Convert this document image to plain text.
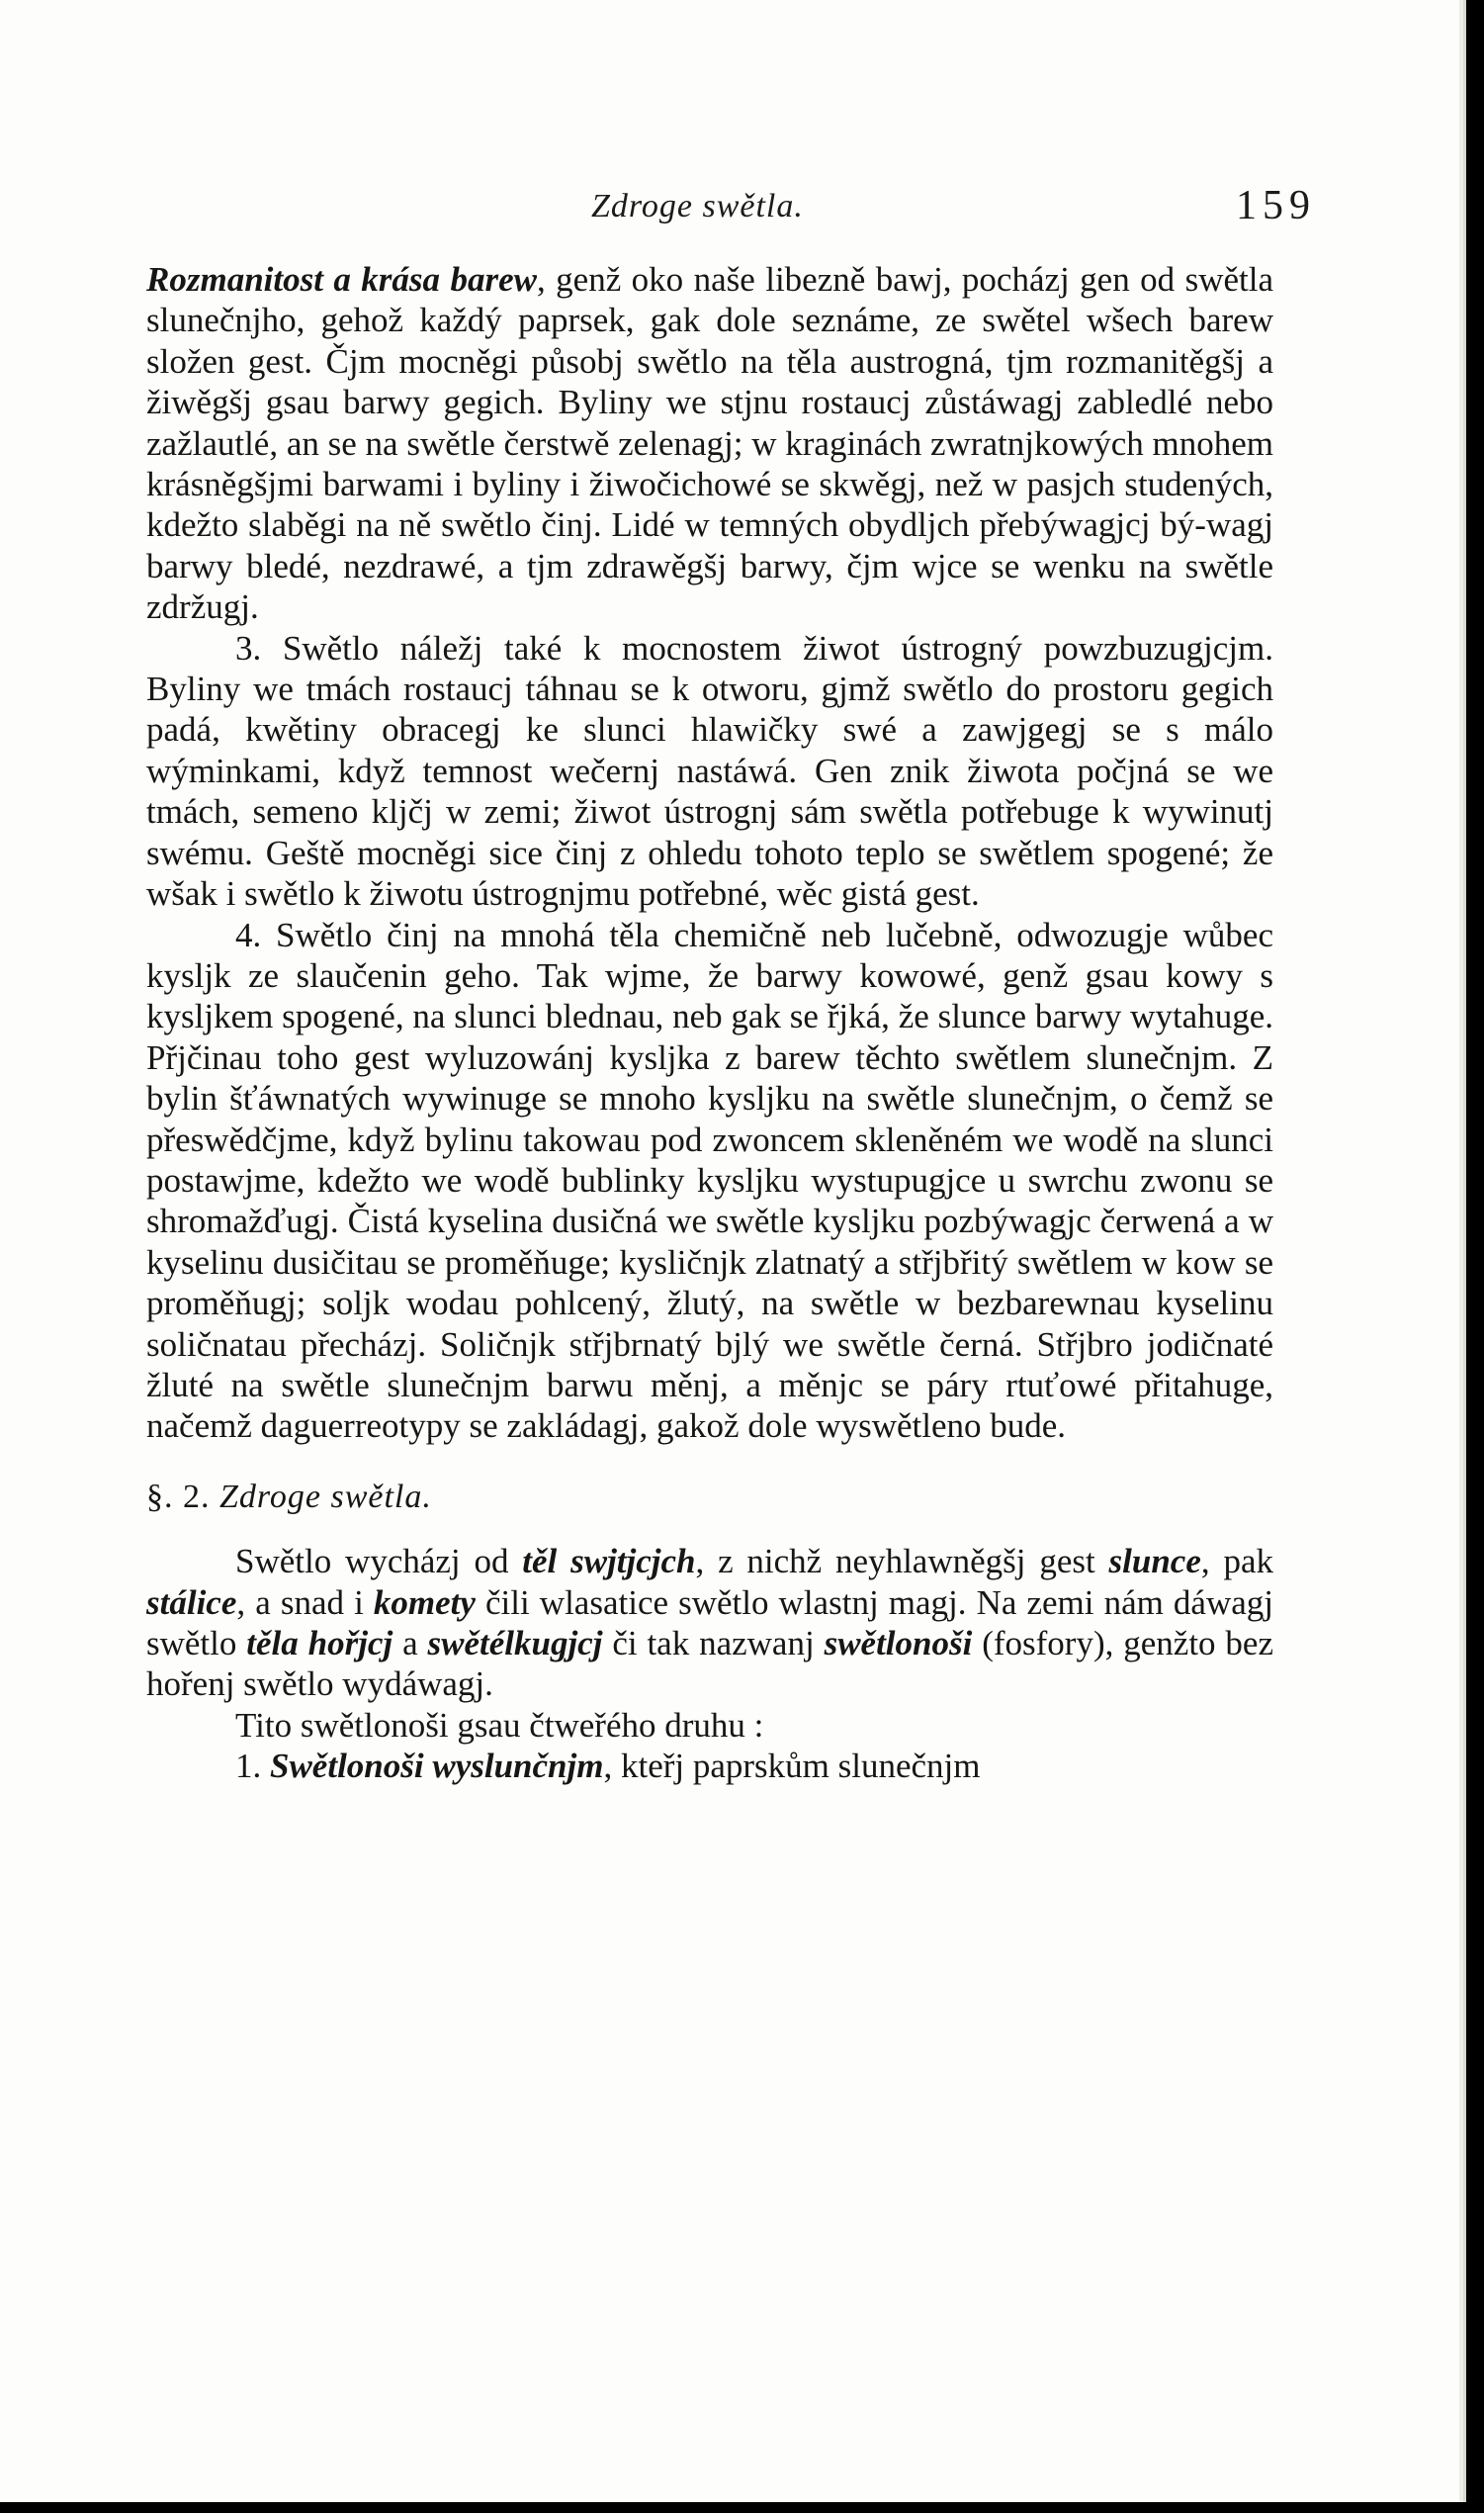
Zdroge swětla.	159

Rozmanitost a krása barew, genž oko naše libezně bawj, pocházj gen od swětla slunečnjho, gehož každý paprsek, gak dole seznáme, ze swětel wšech barew složen gest. Čjm mocněgi působj swětlo na těla austrogná, tjm rozmanitěgšj a žiwěgšj gsau barwy gegich. Byliny we stjnu rostaucj zůstáwagj zabledlé nebo zažlautlé, an se na swětle čerstwě zelenagj; w kraginách zwratnjkowých mnohem krásněgšjmi barwami i byliny i žiwočichowé se skwěgj, než w pasjch studených, kdežto slaběgi na ně swětlo činj. Lidé w temných obydljch přebýwagjcj bý-wagj barwy bledé, nezdrawé, a tjm zdrawěgšj barwy, čjm wjce se wenku na swětle zdržugj.

3. Swětlo náležj také k mocnostem žiwot ústrogný powzbuzugjcjm. Byliny we tmách rostaucj táhnau se k otworu, gjmž swětlo do prostoru gegich padá, kwětiny obracegj ke slunci hlawičky swé a zawjgegj se s málo wýminkami, když temnost wečernj nastáwá. Gen znik žiwota počjná se we tmách, semeno kljčj w zemi; žiwot ústrognj sám swětla potřebuge k wywinutj swému. Geště mocněgi sice činj z ohledu tohoto teplo se swětlem spogené; že wšak i swětlo k žiwotu ústrognjmu potřebné, wěc gistá gest.

4. Swětlo činj na mnohá těla chemičně neb lučebně, odwozugje wůbec kysljk ze slaučenin geho. Tak wjme, že barwy kowowé, genž gsau kowy s kysljkem spogené, na slunci blednau, neb gak se řjká, že slunce barwy wytahuge. Přjčinau toho gest wyluzowánj kysljka z barew těchto swětlem slunečnjm. Z bylin šťáwnatých wywinuge se mnoho kysljku na swětle slunečnjm, o čemž se přeswědčjme, když bylinu takowau pod zwoncem skleněném we wodě na slunci postawjme, kdežto we wodě bublinky kysljku wystupugjce u swrchu zwonu se shromažďugj. Čistá kyselina dusičná we swětle kysljku pozbýwagjc čerwená a w kyselinu dusičitau se proměňuge; kysličnjk zlatnatý a střjbřitý swětlem w kow se proměňugj; soljk wodau pohlcený, žlutý, na swětle w bezbarewnau kyselinu soličnatau přecházj. Soličnjk střjbrnatý bjlý we swětle černá. Střjbro jodičnaté žluté na swětle slunečnjm barwu měnj, a měnjc se páry rtuťowé přitahuge, načemž daguerreotypy se zakládagj, gakož dole wyswětleno bude.

§. 2. Zdroge swětla.

Swětlo wycházj od těl swjtjcjch, z nichž neyhlawněgšj gest slunce, pak stálice, a snad i komety čili wlasatice swětlo wlastnj magj. Na zemi nám dáwagj swětlo těla hořjcj a swětélkugjcj či tak nazwanj swětlonoši (fosfory), genžto bez hořenj swětlo wydáwagj.

Tito swětlonoši gsau čtweřého druhu :

1. Swětlonoši wyslunčnjm, kteřj paprskům slunečnjm
